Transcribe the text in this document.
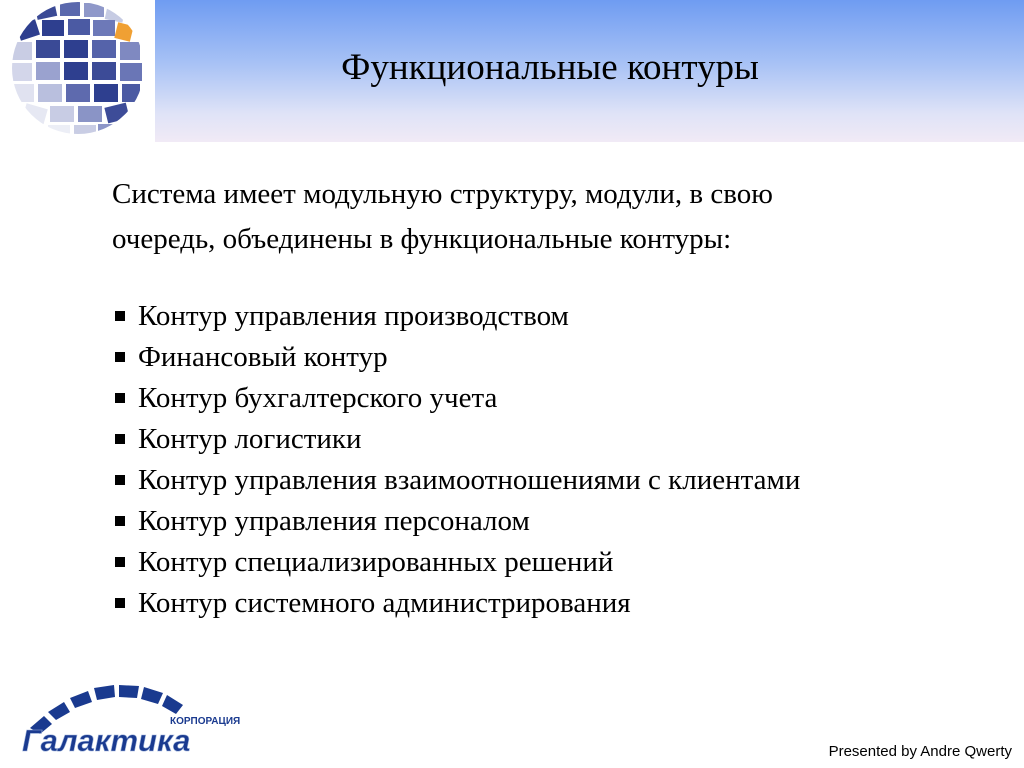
Функциональные контуры

Система имеет модульную структуру, модули, в свою
очередь, объединены в функциональные контуры:

Контур управления производством
Финансовый контур
Контур бухгалтерского учета
Контур логистики
Контур управления взаимоотношениями с клиентами
Контур управления персоналом
Контур специализированных решений
Контур системного администрирования
КОРПОРАЦИЯ
Галактика	Presented by Andre Qwerty
